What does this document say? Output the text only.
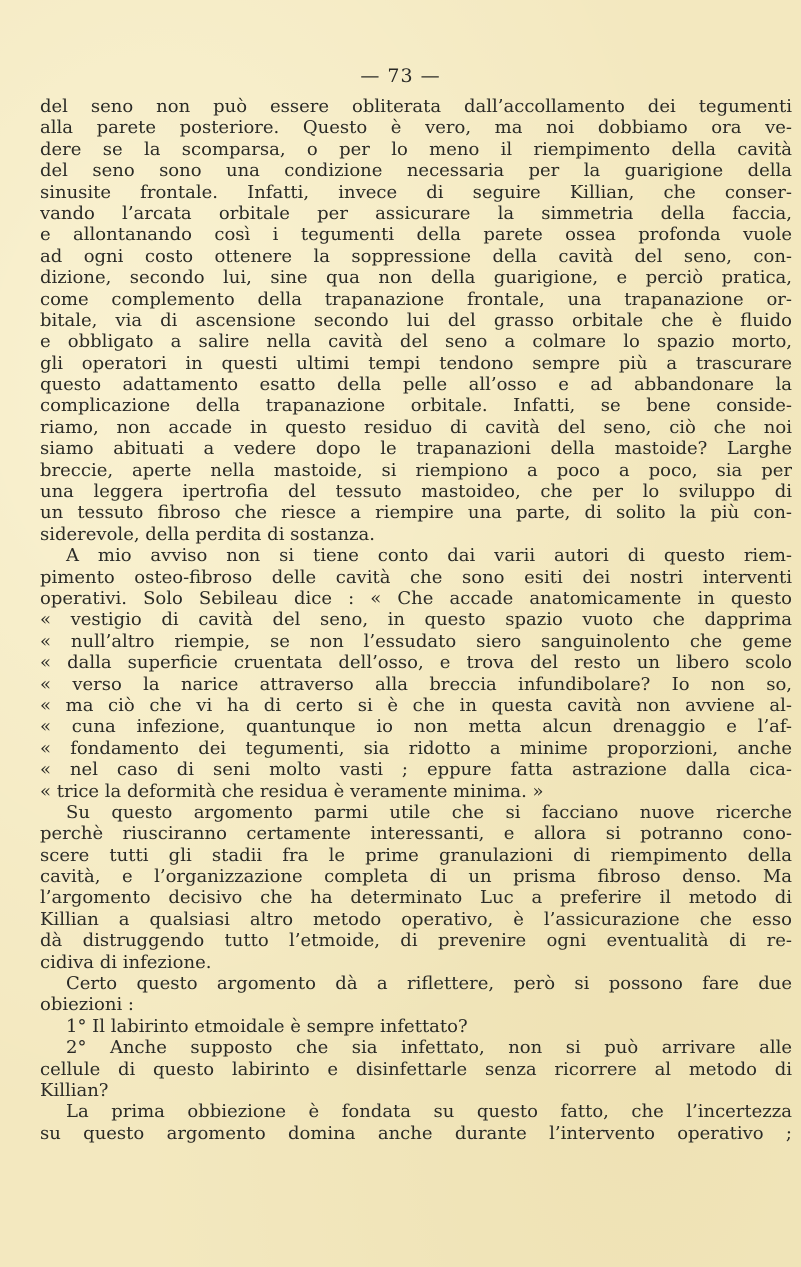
— 73 —
del seno non può essere obliterata dall’accollamento dei tegumenti
alla parete posteriore. Questo è vero, ma noi dobbiamo ora ve-
dere se la scomparsa, o per lo meno il riempimento della cavità
del seno sono una condizione necessaria per la guarigione della
sinusite frontale. Infatti, invece di seguire Killian, che conser-
vando l’arcata orbitale per assicurare la simmetria della faccia,
e allontanando così i tegumenti della parete ossea profonda vuole
ad ogni costo ottenere la soppressione della cavità del seno, con-
dizione, secondo lui, sine qua non della guarigione, e perciò pratica,
come complemento della trapanazione frontale, una trapanazione or-
bitale, via di ascensione secondo lui del grasso orbitale che è fluido
e obbligato a salire nella cavità del seno a colmare lo spazio morto,
gli operatori in questi ultimi tempi tendono sempre più a trascurare
questo adattamento esatto della pelle all’osso e ad abbandonare la
complicazione della trapanazione orbitale. Infatti, se bene conside-
riamo, non accade in questo residuo di cavità del seno, ciò che noi
siamo abituati a vedere dopo le trapanazioni della mastoide? Larghe
breccie, aperte nella mastoide, si riempiono a poco a poco, sia per
una leggera ipertrofia del tessuto mastoideo, che per lo sviluppo di
un tessuto fibroso che riesce a riempire una parte, di solito la più con-
siderevole, della perdita di sostanza.
A mio avviso non si tiene conto dai varii autori di questo riem-
pimento osteo-fibroso delle cavità che sono esiti dei nostri interventi
operativi. Solo Sebileau dice : « Che accade anatomicamente in questo
« vestigio di cavità del seno, in questo spazio vuoto che dapprima
« null’altro riempie, se non l’essudato siero sanguinolento che geme
« dalla superficie cruentata dell’osso, e trova del resto un libero scolo
« verso la narice attraverso alla breccia infundibolare? Io non so,
« ma ciò che vi ha di certo si è che in questa cavità non avviene al-
« cuna infezione, quantunque io non metta alcun drenaggio e l’af-
« fondamento dei tegumenti, sia ridotto a minime proporzioni, anche
« nel caso di seni molto vasti ; eppure fatta astrazione dalla cica-
« trice la deformità che residua è veramente minima. »
Su questo argomento parmi utile che si facciano nuove ricerche
perchè riusciranno certamente interessanti, e allora si potranno cono-
scere tutti gli stadii fra le prime granulazioni di riempimento della
cavità, e l’organizzazione completa di un prisma fibroso denso. Ma
l’argomento decisivo che ha determinato Luc a preferire il metodo di
Killian a qualsiasi altro metodo operativo, è l’assicurazione che esso
dà distruggendo tutto l’etmoide, di prevenire ogni eventualità di re-
cidiva di infezione.
Certo questo argomento dà a riflettere, però si possono fare due
obiezioni :
1° Il labirinto etmoidale è sempre infettato?
2° Anche supposto che sia infettato, non si può arrivare alle
cellule di questo labirinto e disinfettarle senza ricorrere al metodo di
Killian?
La prima obbiezione è fondata su questo fatto, che l’incertezza
su questo argomento domina anche durante l’intervento operativo ;
